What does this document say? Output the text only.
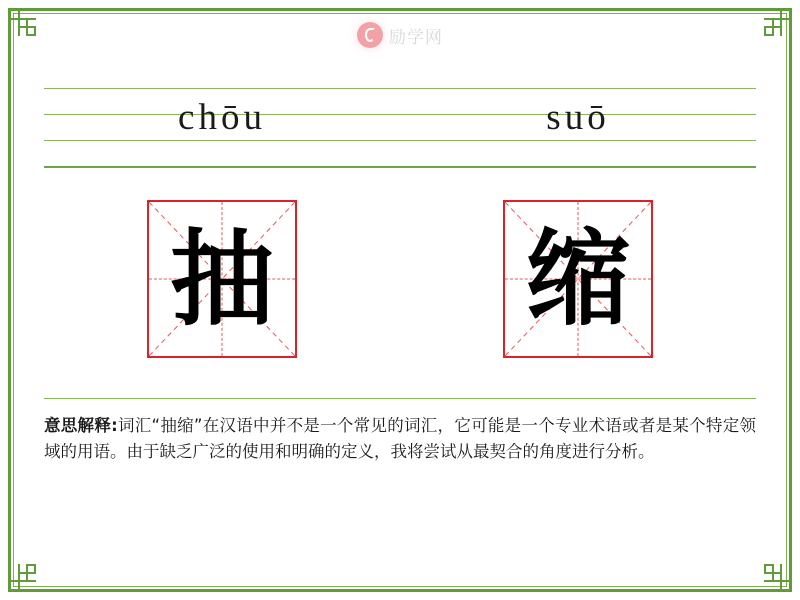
励学网
chōu	suō
抽 缩
意思解释:词汇“抽缩”在汉语中并不是一个常见的词汇，它可能是一个专业术语或者是某个特定领域的用语。由于缺乏广泛的使用和明确的定义，我将尝试从最契合的角度进行分析。
